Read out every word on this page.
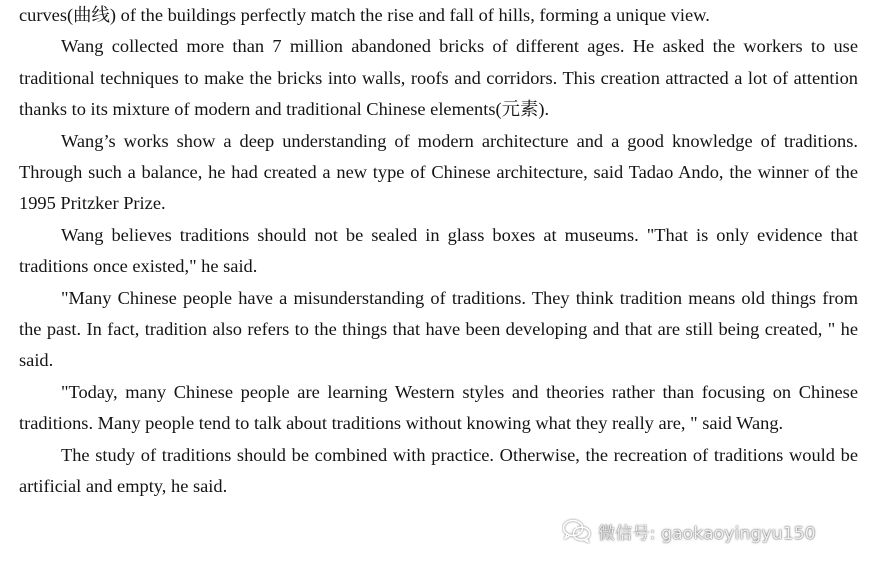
curves(曲线) of the buildings perfectly match the rise and fall of hills, forming a unique view.

Wang collected more than 7 million abandoned bricks of different ages. He asked the workers to use traditional techniques to make the bricks into walls, roofs and corridors. This creation attracted a lot of attention thanks to its mixture of modern and traditional Chinese elements(元素).

Wang’s works show a deep understanding of modern architecture and a good knowledge of traditions. Through such a balance, he had created a new type of Chinese architecture, said Tadao Ando, the winner of the 1995 Pritzker Prize.

Wang believes traditions should not be sealed in glass boxes at museums. "That is only evidence that traditions once existed," he said.

"Many Chinese people have a misunderstanding of traditions. They think tradition means old things from the past. In fact, tradition also refers to the things that have been developing and that are still being created, " he said.

"Today, many Chinese people are learning Western styles and theories rather than focusing on Chinese traditions. Many people tend to talk about traditions without knowing what they really are, " said Wang.

The study of traditions should be combined with practice. Otherwise, the recreation of traditions would be artificial and empty, he said.

微信号: gaokaoyingyu150
